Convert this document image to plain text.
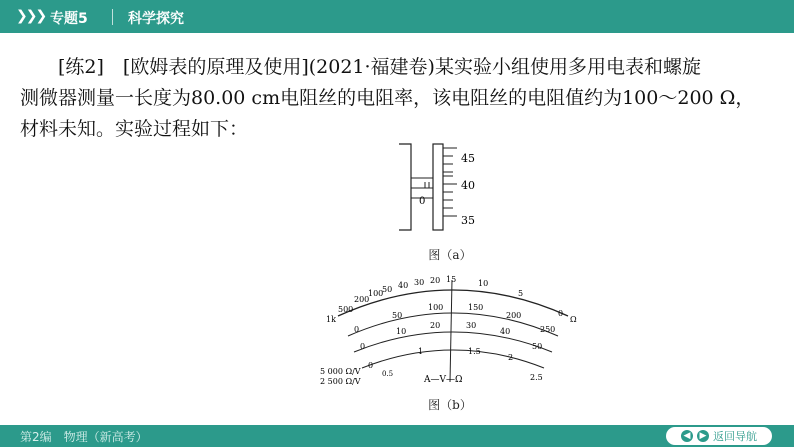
❯❯❯ 专题5	科学探究
[练2]　[欧姆表的原理及使用](2021·福建卷)某实验小组使用多用电表和螺旋
测微器测量一长度为80.00 cm电阻丝的电阻率，该电阻丝的电阻值约为100～200 Ω，
材料未知。实验过程如下：
45
40
35
0
图（a）
1k
500
200
100
50 40 30 20 15	10
5
0
Ω
0
50
100	150
200
250
0
10
20	30
40
50
0
0.5
1	1.5
2
2.5
5 000 Ω/V
2 500 Ω/V	A—V—Ω
图（b）
第2编　物理（新高考）	◀ ▶ 返回导航
